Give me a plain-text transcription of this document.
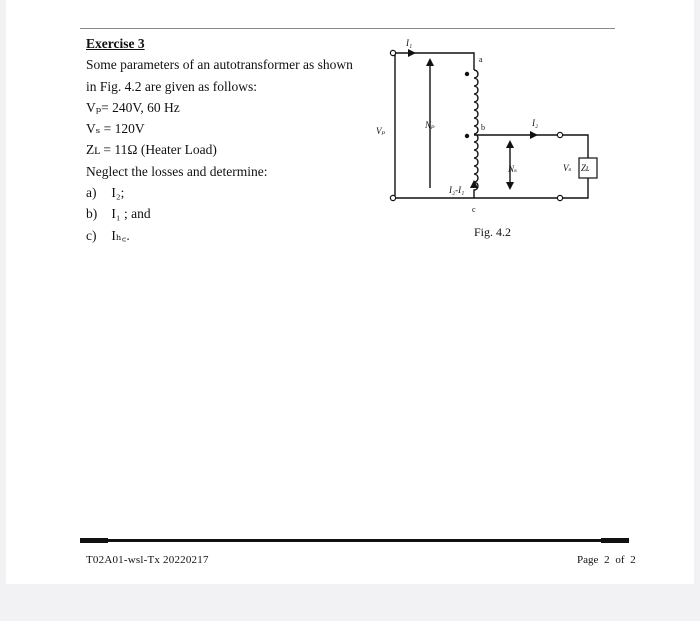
Exercise 3
Some parameters of an autotransformer as shown
in Fig. 4.2 are given as follows:
Vₚ= 240V, 60 Hz
Vₛ = 120V
Zʟ = 11Ω (Heater Load)
Neglect the losses and determine:
a) I₂;
b) I₁ ; and
c) Iₕ꜀.
I₁
Vₚ
Nₚ	I₂
Nₛ	Vₛ Zʟ
I₂-I₁
a
b
c
Fig. 4.2
T02A01-wsl-Tx 20220217	Page 2 of 2
